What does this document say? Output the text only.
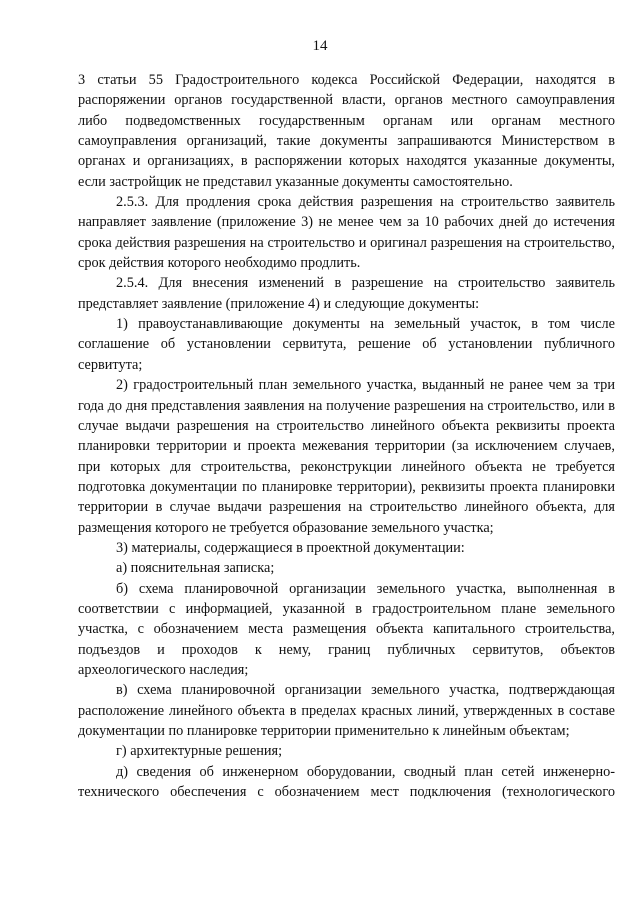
14

3 статьи 55 Градостроительного кодекса Российской Федерации, находятся в распоряжении органов государственной власти, органов местного самоуправления либо подведомственных государственным органам или органам местного самоуправления организаций, такие документы запрашиваются Министерством в органах и организациях, в распоряжении которых находятся указанные документы, если застройщик не представил указанные документы самостоятельно.

2.5.3. Для продления срока действия разрешения на строительство заявитель направляет заявление (приложение 3) не менее чем за 10 рабочих дней до истечения срока действия разрешения на строительство и оригинал разрешения на строительство, срок действия которого необходимо продлить.

2.5.4. Для внесения изменений в разрешение на строительство заявитель представляет заявление (приложение 4) и следующие документы:

1) правоустанавливающие документы на земельный участок, в том числе соглашение об установлении сервитута, решение об установлении публичного сервитута;

2) градостроительный план земельного участка, выданный не ранее чем за три года до дня представления заявления на получение разрешения на строительство, или в случае выдачи разрешения на строительство линейного объекта реквизиты проекта планировки территории и проекта межевания территории (за исключением случаев, при которых для строительства, реконструкции линейного объекта не требуется подготовка документации по планировке территории), реквизиты проекта планировки территории в случае выдачи разрешения на строительство линейного объекта, для размещения которого не требуется образование земельного участка;

3) материалы, содержащиеся в проектной документации:

а) пояснительная записка;

б) схема планировочной организации земельного участка, выполненная в соответствии с информацией, указанной в градостроительном плане земельного участка, с обозначением места размещения объекта капитального строительства, подъездов и проходов к нему, границ публичных сервитутов, объектов археологического наследия;

в) схема планировочной организации земельного участка, подтверждающая расположение линейного объекта в пределах красных линий, утвержденных в составе документации по планировке территории применительно к линейным объектам;

г) архитектурные решения;

д) сведения об инженерном оборудовании, сводный план сетей инженерно-технического обеспечения с обозначением мест подключения (технологического
